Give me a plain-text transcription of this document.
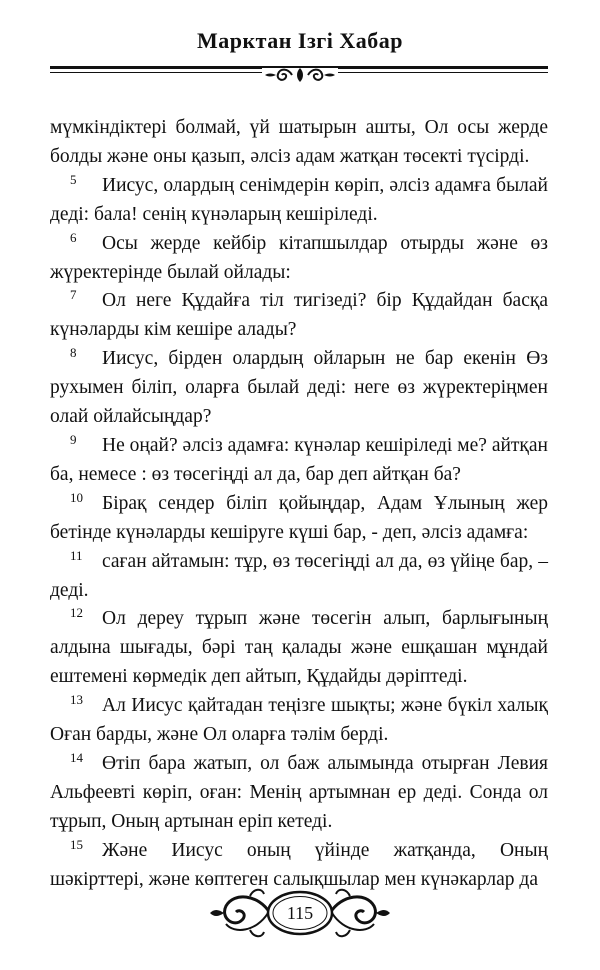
Марктан Ізгі Хабар

мүмкіндіктері болмай, үй шатырын ашты, Ол осы жерде болды және оны қазып, әлсіз адам жатқан төсекті түсірді.

5 Иисус, олардың сенімдерін көріп, әлсіз адамға былай деді: бала! сенің күнәларың кешіріледі.

6 Осы жерде кейбір кітапшылдар отырды және өз жүректерінде былай ойлады:

7 Ол неге Құдайға тіл тигізеді? бір Құдайдан басқа күнәларды кім кешіре алады?

8 Иисус, бірден олардың ойларын не бар екенін Өз рухымен біліп, оларға былай деді: неге өз жүректеріңмен олай ойлайсыңдар?

9 Не оңай? әлсіз адамға: күнәлар кешіріледі ме? айтқан ба, немесе : өз төсегіңді ал да, бар деп айтқан ба?

10 Бірақ сендер біліп қойыңдар, Адам Ұлының жер бетінде күнәларды кешіруге күші бар, - деп, әлсіз адамға:

11 саған айтамын: тұр, өз төсегіңді ал да, өз үйіңе бар, – деді.

12 Ол дереу тұрып және төсегін алып, барлығының алдына шығады, бәрі таң қалады және ешқашан мұндай ештемені көрмедік деп айтып, Құдайды дәріптеді.

13 Ал Иисус қайтадан теңізге шықты; және бүкіл халық Оған барды, және Ол оларға тәлім берді.

14 Өтіп бара жатып, ол баж алымында отырған Левия Альфеевті көріп, оған: Менің артымнан ер деді. Сонда ол тұрып, Оның артынан еріп кетеді.

15 Және Иисус оның үйінде жатқанда, Оның шәкірттері, және көптеген салықшылар мен күнәкарлар да

115
